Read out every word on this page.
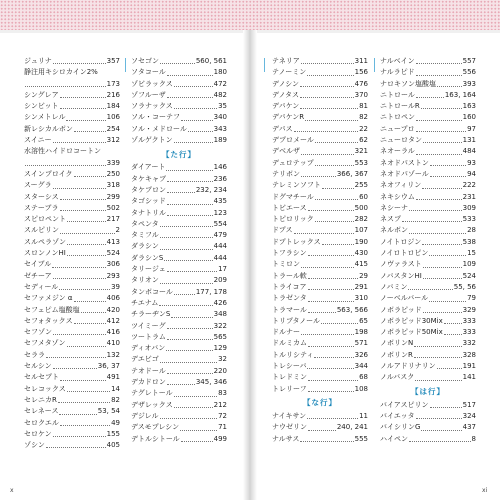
ジュリナ	357
静注用キシロカイン2%
173
シングレア	216
シンビット	184
シンメトレル	106
新レシカルボン	254
スイニー	312
水溶性ハイドロコートン
339
スインプロイク	250
スーグラ	318
スターシス	299
ステーブラ	502
スピロペント	217
スルピリン	2
スルペラゾン	413
スロンノンHI	524
セイブル	306
ゼチーア	293
セディール	39
セファメジン α	406
セフェピム塩酸塩	420
セフォタックス	412
セフゾン	416
セフメタゾン	410
セララ	132
セルシン	36, 37
セルセプト	491
セレコックス	14
セレニカR	82
セレネース	53, 54
セロクエル	49
セロケン	155
ゾシン	405
ソセゴン	560, 561
ソタコール	180
ゾビラックス	472
ゾフルーザ	482
ソラナックス	35
ソル・コーテフ	340
ソル・メドロール	343
ゾルゲクトン	189
【た行】
ダイアート	146
タケキャブ	236
タケプロン	232, 234
タゴシッド	435
タナトリル	123
タペンタ	554
タミフル	479
ダラシン	444
ダラシンS	444
タリージェ	17
タリオン	209
タンボコール	177, 178
チエナム	426
チラーヂンS	348
ツイミーグ	322
ツートラム	565
ディオバン	129
デエビゴ	32
テオドール	220
デカドロン	345, 346
テグレトール	83
デザレックス	212
デジレル	72
デスモプレシン	71
デトルシトール	499
テネリア	311
テノーミン	156
デノシン	476
デノタス	370
デパケン	81
デパケンR	82
デパス	22
デプロメール	62
デベルザ	321
デュロテップ	553
テリボン	366, 367
テレミンソフト	255
ドグマチール	60
トビエース	500
トピロリック	282
ドプス	107
ドプトレックス	190
トフラシン	430
トミロン	415
トラール軟	29
トライコア	291
トラゼンタ	310
トラマール	563, 566
トリプタノール	65
ドルナー	198
ドルミカム	571
トルリシティ	326
トレシーバ	344
トレドミン	68
トレリーフ	108
【な行】
ナイキサン	11
ナウゼリン	240, 241
ナルサス	555
ナルベイン	557
ナルラピド	556
ナロキソン塩酸塩	393
ニトロール	163, 164
ニトロールR	163
ニトロペン	160
ニュープロ	97
ニューロタン	131
ネオーラル	484
ネオドパストン	93
ネオドパゾール	94
ネオフィリン	222
ネキシウム	231
ネシーナ	309
ネスプ	533
ネルボン	28
ノイトロジン	538
ノイロトロピン	15
ノヴァラスト	109
ノバスタンHI	524
ノバミン	55, 56
ノーベルバール	79
ノボラピッド	329
ノボラピッド30Mix	333
ノボラピッド50Mix	333
ノボリンN	332
ノボリンR	328
ノルアドリナリン	191
ノルバスク	141
【は行】
バイアスピリン	517
バイエッタ	324
バイシリンG	437
ハイペン	8
x	xi
